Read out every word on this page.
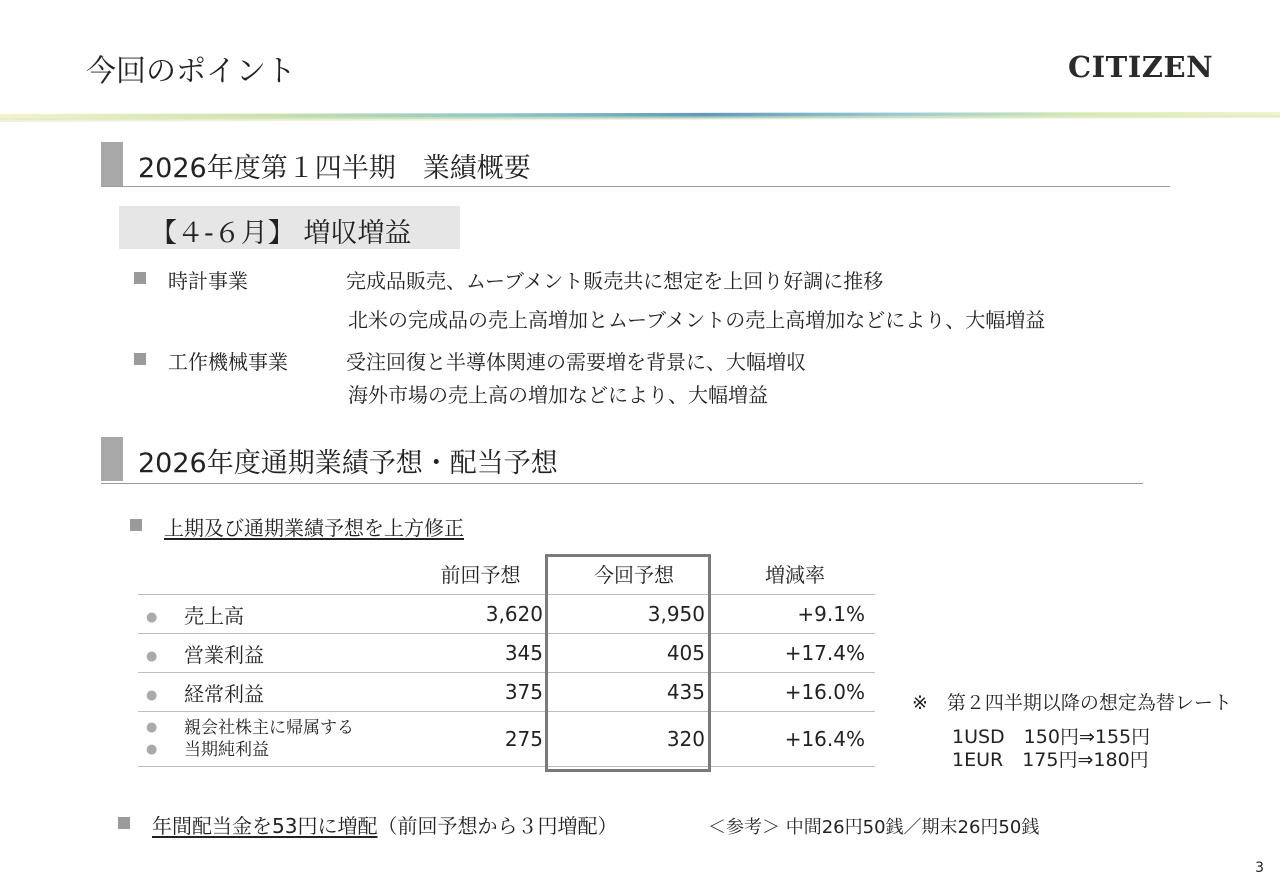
今回のポイント	CITIZEN
2026年度第１四半期　業績概要
【４-６月】 増収増益
時計事業	完成品販売、ムーブメント販売共に想定を上回り好調に推移
北米の完成品の売上高増加とムーブメントの売上高増加などにより、大幅増益
工作機械事業	受注回復と半導体関連の需要増を背景に、大幅増収
海外市場の売上高の増加などにより、大幅増益
2026年度通期業績予想・配当予想
上期及び通期業績予想を上方修正
	前回予想	今回予想	増減率
● 売上高	3,620	3,950	+9.1%
● 営業利益	345	405	+17.4%
● 経常利益	375	435	+16.0%

● 親会社株主に帰属する
● 当期純利益	275	320	+16.4%
※　第２四半期以降の想定為替レート
1USD　150円⇒155円
1EUR　175円⇒180円
年間配当金を53円に増配（前回予想から３円増配）	＜参考＞ 中間26円50銭／期末26円50銭
3
